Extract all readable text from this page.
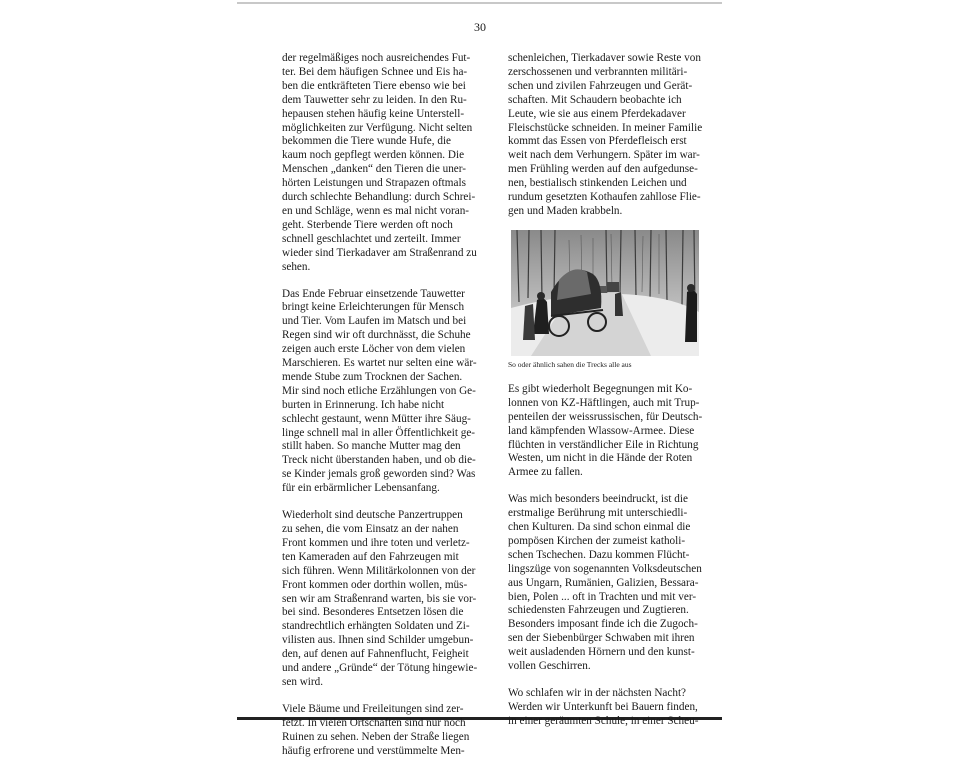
30

der regelmäßiges noch ausreichendes Fut-
ter. Bei dem häufigen Schnee und Eis ha-
ben die entkräfteten Tiere ebenso wie bei
dem Tauwetter sehr zu leiden. In den Ru-
hepausen stehen häufig keine Unterstell-
möglichkeiten zur Verfügung. Nicht selten
bekommen die Tiere wunde Hufe, die
kaum noch gepflegt werden können. Die
Menschen „danken“ den Tieren die uner-
hörten Leistungen und Strapazen oftmals
durch schlechte Behandlung: durch Schrei-
en und Schläge, wenn es mal nicht voran-
geht. Sterbende Tiere werden oft noch
schnell geschlachtet und zerteilt. Immer
wieder sind Tierkadaver am Straßenrand zu
sehen.

Das Ende Februar einsetzende Tauwetter
bringt keine Erleichterungen für Mensch
und Tier. Vom Laufen im Matsch und bei
Regen sind wir oft durchnässt, die Schuhe
zeigen auch erste Löcher von dem vielen
Marschieren. Es wartet nur selten eine wär-
mende Stube zum Trocknen der Sachen.
Mir sind noch etliche Erzählungen von Ge-
burten in Erinnerung. Ich habe nicht
schlecht gestaunt, wenn Mütter ihre Säug-
linge schnell mal in aller Öffentlichkeit ge-
stillt haben. So manche Mutter mag den
Treck nicht überstanden haben, und ob die-
se Kinder jemals groß geworden sind? Was
für ein erbärmlicher Lebensanfang.

Wiederholt sind deutsche Panzertruppen
zu sehen, die vom Einsatz an der nahen
Front kommen und ihre toten und verletz-
ten Kameraden auf den Fahrzeugen mit
sich führen. Wenn Militärkolonnen von der
Front kommen oder dorthin wollen, müs-
sen wir am Straßenrand warten, bis sie vor-
bei sind. Besonderes Entsetzen lösen die
standrechtlich erhängten Soldaten und Zi-
vilisten aus. Ihnen sind Schilder umgebun-
den, auf denen auf Fahnenflucht, Feigheit
und andere „Gründe“ der Tötung hingewie-
sen wird.

Viele Bäume und Freileitungen sind zer-
fetzt. In vielen Ortschaften sind nur noch
Ruinen zu sehen. Neben der Straße liegen
häufig erfrorene und verstümmelte Men-

schenleichen, Tierkadaver sowie Reste von
zerschossenen und verbrannten militäri-
schen und zivilen Fahrzeugen und Gerät-
schaften. Mit Schaudern beobachte ich
Leute, wie sie aus einem Pferdekadaver
Fleischstücke schneiden. In meiner Familie
kommt das Essen von Pferdefleisch erst
weit nach dem Verhungern. Später im war-
men Frühling werden auf den aufgedunse-
nen, bestialisch stinkenden Leichen und
rundum gesetzten Kothaufen zahllose Flie-
gen und Maden krabbeln.

So oder ähnlich sahen die Trecks alle aus

Es gibt wiederholt Begegnungen mit Ko-
lonnen von KZ-Häftlingen, auch mit Trup-
penteilen der weissrussischen, für Deutsch-
land kämpfenden Wlassow-Armee. Diese
flüchten in verständlicher Eile in Richtung
Westen, um nicht in die Hände der Roten
Armee zu fallen.

Was mich besonders beeindruckt, ist die
erstmalige Berührung mit unterschiedli-
chen Kulturen. Da sind schon einmal die
pompösen Kirchen der zumeist katholi-
schen Tschechen. Dazu kommen Flücht-
lingszüge von sogenannten Volksdeutschen
aus Ungarn, Rumänien, Galizien, Bessara-
bien, Polen ... oft in Trachten und mit ver-
schiedensten Fahrzeugen und Zugtieren.
Besonders imposant finde ich die Zugoch-
sen der Siebenbürger Schwaben mit ihren
weit ausladenden Hörnern und den kunst-
vollen Geschirren.

Wo schlafen wir in der nächsten Nacht?
Werden wir Unterkunft bei Bauern finden,
in einer geräumten Schule, in einer Scheu-
